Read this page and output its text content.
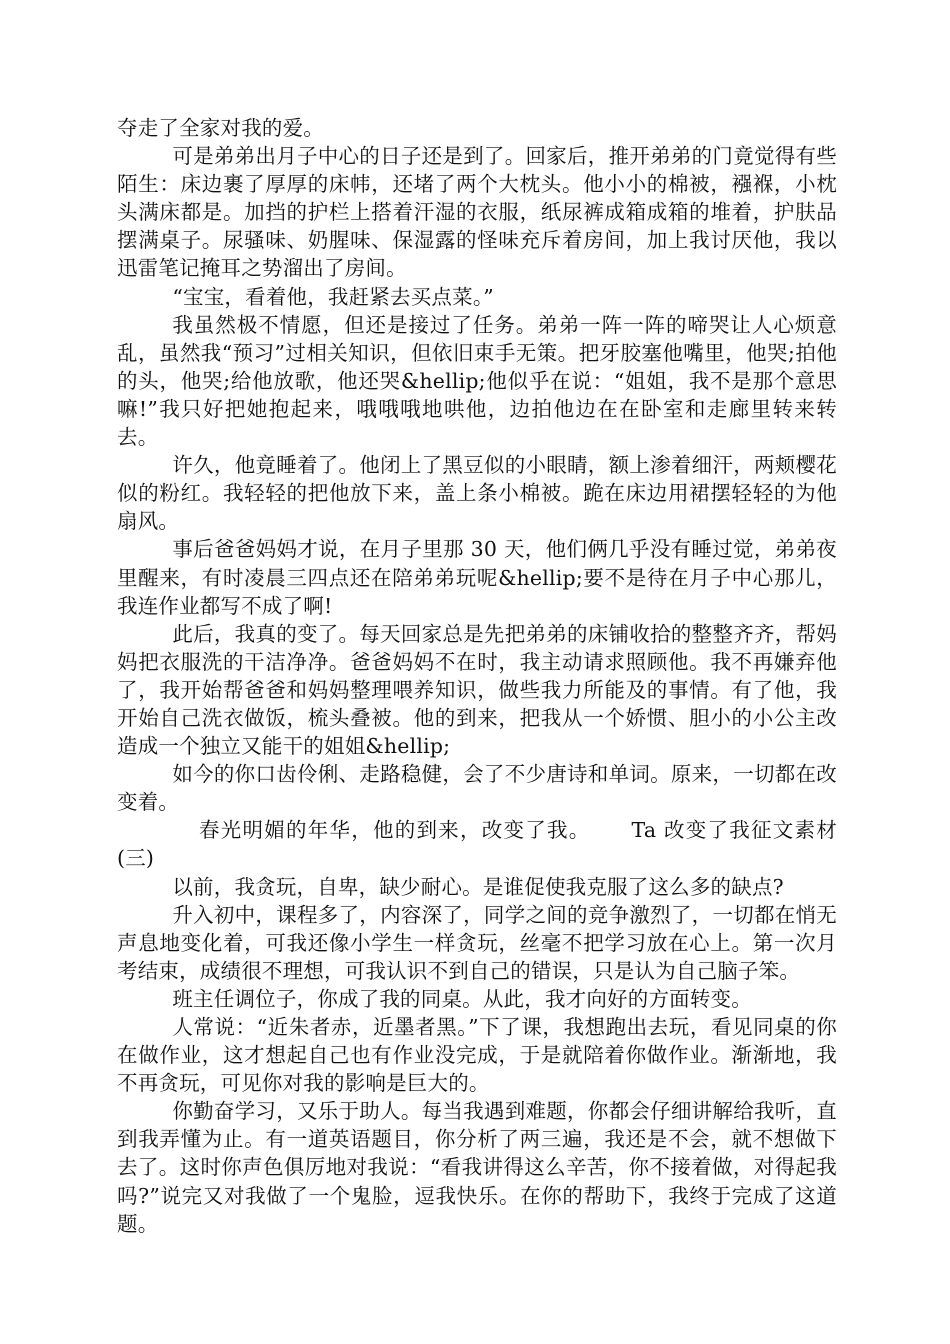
夺走了全家对我的爱。

可是弟弟出月子中心的日子还是到了。回家后，推开弟弟的门竟觉得有些陌生：床边裹了厚厚的床帏，还堵了两个大枕头。他小小的棉被，襁褓，小枕头满床都是。加挡的护栏上搭着汗湿的衣服，纸尿裤成箱成箱的堆着，护肤品摆满桌子。尿骚味、奶腥味、保湿露的怪味充斥着房间，加上我讨厌他，我以迅雷笔记掩耳之势溜出了房间。

“宝宝，看着他，我赶紧去买点菜。”

我虽然极不情愿，但还是接过了任务。弟弟一阵一阵的啼哭让人心烦意乱，虽然我“预习”过相关知识，但依旧束手无策。把牙胶塞他嘴里，他哭;拍他的头，他哭;给他放歌，他还哭&hellip;他似乎在说：“姐姐，我不是那个意思嘛!”我只好把她抱起来，哦哦哦地哄他，边拍他边在在卧室和走廊里转来转去。

许久，他竟睡着了。他闭上了黑豆似的小眼睛，额上渗着细汗，两颊樱花似的粉红。我轻轻的把他放下来，盖上条小棉被。跪在床边用裙摆轻轻的为他扇风。

事后爸爸妈妈才说，在月子里那 30 天，他们俩几乎没有睡过觉，弟弟夜里醒来，有时凌晨三四点还在陪弟弟玩呢&hellip;要不是待在月子中心那儿，我连作业都写不成了啊!

此后，我真的变了。每天回家总是先把弟弟的床铺收拾的整整齐齐，帮妈妈把衣服洗的干洁净净。爸爸妈妈不在时，我主动请求照顾他。我不再嫌弃他了，我开始帮爸爸和妈妈整理喂养知识，做些我力所能及的事情。有了他，我开始自己洗衣做饭，梳头叠被。他的到来，把我从一个娇惯、胆小的小公主改造成一个独立又能干的姐姐&hellip;

如今的你口齿伶俐、走路稳健，会了不少唐诗和单词。原来，一切都在改变着。

春光明媚的年华，他的到来，改变了我。　　 Ta 改变了我征文素材(三)

以前，我贪玩，自卑，缺少耐心。是谁促使我克服了这么多的缺点?

升入初中，课程多了，内容深了，同学之间的竞争激烈了，一切都在悄无声息地变化着，可我还像小学生一样贪玩，丝毫不把学习放在心上。第一次月考结束，成绩很不理想，可我认识不到自己的错误，只是认为自己脑子笨。

班主任调位子，你成了我的同桌。从此，我才向好的方面转变。

人常说：“近朱者赤，近墨者黑。”下了课，我想跑出去玩，看见同桌的你在做作业，这才想起自己也有作业没完成，于是就陪着你做作业。渐渐地，我不再贪玩，可见你对我的影响是巨大的。

你勤奋学习，又乐于助人。每当我遇到难题，你都会仔细讲解给我听，直到我弄懂为止。有一道英语题目，你分析了两三遍，我还是不会，就不想做下去了。这时你声色俱厉地对我说：“看我讲得这么辛苦，你不接着做，对得起我吗?”说完又对我做了一个鬼脸，逗我快乐。在你的帮助下，我终于完成了这道题。
